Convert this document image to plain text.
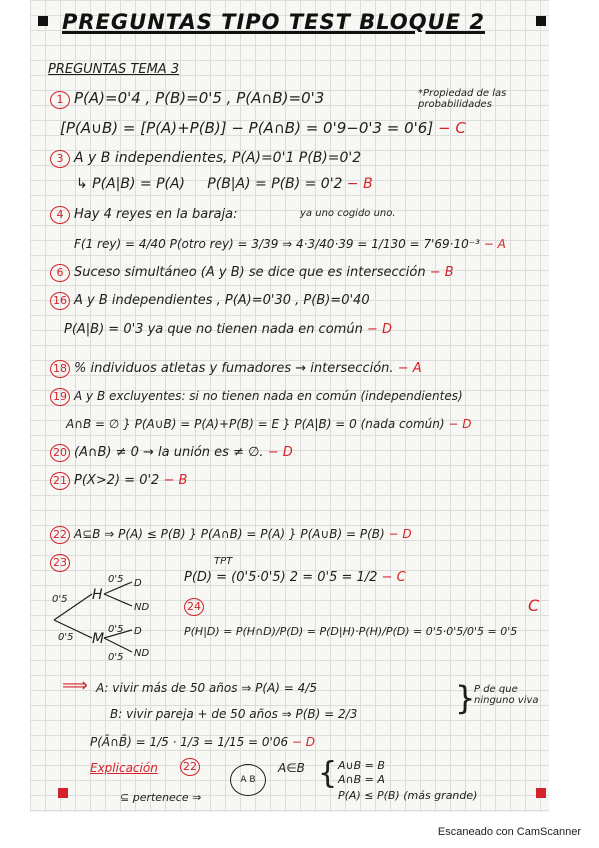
PREGUNTAS TIPO TEST BLOQUE 2
PREGUNTAS TEMA 3
1 P(A)=0'4 , P(B)=0'5 , P(A∩B)=0'3	*Propiedad de las probabilidades
[P(A∪B) = [P(A)+P(B)] − P(A∩B) = 0'9−0'3 = 0'6] − C
3 A y B independientes, P(A)=0'1 P(B)=0'2
↳ P(A|B) = P(A) P(B|A) = P(B) = 0'2 − B
4 Hay 4 reyes en la baraja:	ya uno cogido uno.
F(1 rey) = 4/40 P(otro rey) = 3/39 ⇒ 4·3/40·39 = 1/130 = 7'69·10⁻³ − A
6 Suceso simultáneo (A y B) se dice que es intersección − B
16 A y B independientes , P(A)=0'30 , P(B)=0'40
P(A|B) = 0'3 ya que no tienen nada en común − D
18 % individuos atletas y fumadores → intersección. − A
19 A y B excluyentes: si no tienen nada en común (independientes)
A∩B = ∅ } P(A∪B) = P(A)+P(B) = E } P(A|B) = 0 (nada común) − D
20 (A∩B) ≠ 0 → la unión es ≠ ∅. − D
21 P(X>2) = 0'2 − B
22 A⊆B ⇒ P(A) ≤ P(B) } P(A∩B) = P(A) } P(A∪B) = P(B) − D
23	TPT
P(D) = (0'5·0'5) 2 = 0'5 = 1/2 − C
0'5 H
0'5 D
ND
0'5 M
0'5 D
0'5 ND
24	C
P(H|D) = P(H∩D)/P(D) = P(D|H)·P(H)/P(D) = 0'5·0'5/0'5 = 0'5
⟹ A: vivir más de 50 años ⇒ P(A) = 4/5
B: vivir pareja + de 50 años ⇒ P(B) = 2/3	}
P de que ninguno viva
P(Ā∩B̄) = 1/5 · 1/3 = 1/15 = 0'06 − D
Explicación 22
A B
A∈B { A∪B = B
A∩B = A
P(A) ≤ P(B) (más grande)
⊆ pertenece ⇒
Escaneado con CamScanner
